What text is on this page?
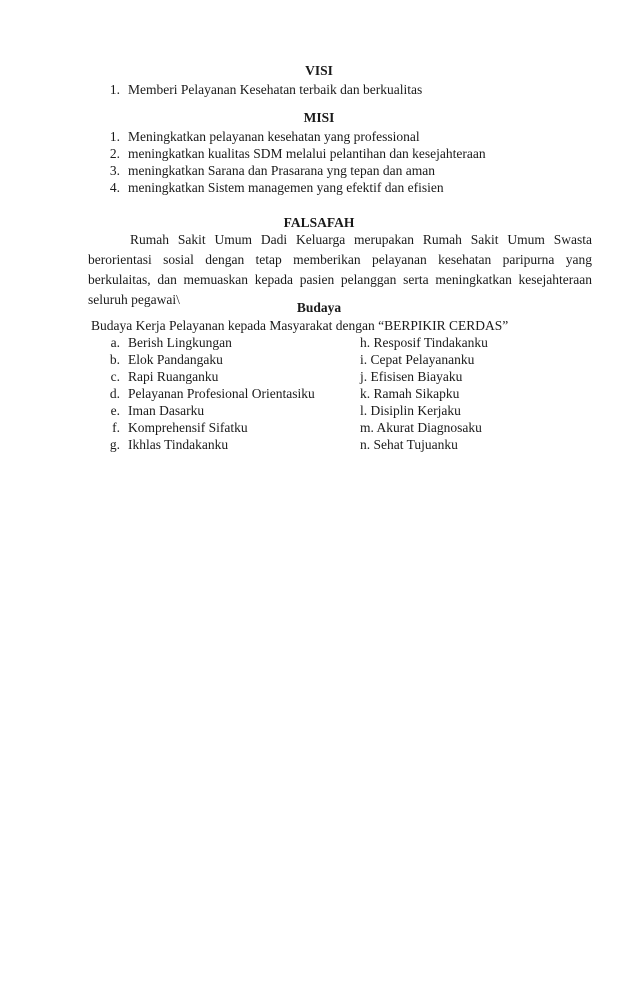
VISI
1. Memberi Pelayanan Kesehatan terbaik dan berkualitas
MISI
1. Meningkatkan pelayanan kesehatan yang professional
2. meningkatkan kualitas SDM melalui pelantihan dan kesejahteraan
3. meningkatkan Sarana dan Prasarana yng tepan dan aman
4. meningkatkan Sistem managemen yang efektif dan efisien
FALSAFAH
Rumah Sakit Umum Dadi Keluarga merupakan Rumah Sakit Umum Swasta berorientasi sosial dengan tetap memberikan pelayanan kesehatan paripurna yang berkulaitas, dan memuaskan kepada pasien pelanggan serta meningkatkan kesejahteraan seluruh pegawai\
Budaya
Budaya Kerja Pelayanan kepada Masyarakat dengan “BERPIKIR CERDAS”
a. Berish Lingkungan
b. Elok Pandangaku
c. Rapi Ruanganku
d. Pelayanan Profesional Orientasiku
e. Iman Dasarku
f. Komprehensif Sifatku
g. Ikhlas Tindakanku
h. Resposif Tindakanku
i. Cepat Pelayananku
j. Efisisen Biayaku
k. Ramah Sikapku
l. Disiplin Kerjaku
m. Akurat Diagnosaku
n. Sehat Tujuanku
